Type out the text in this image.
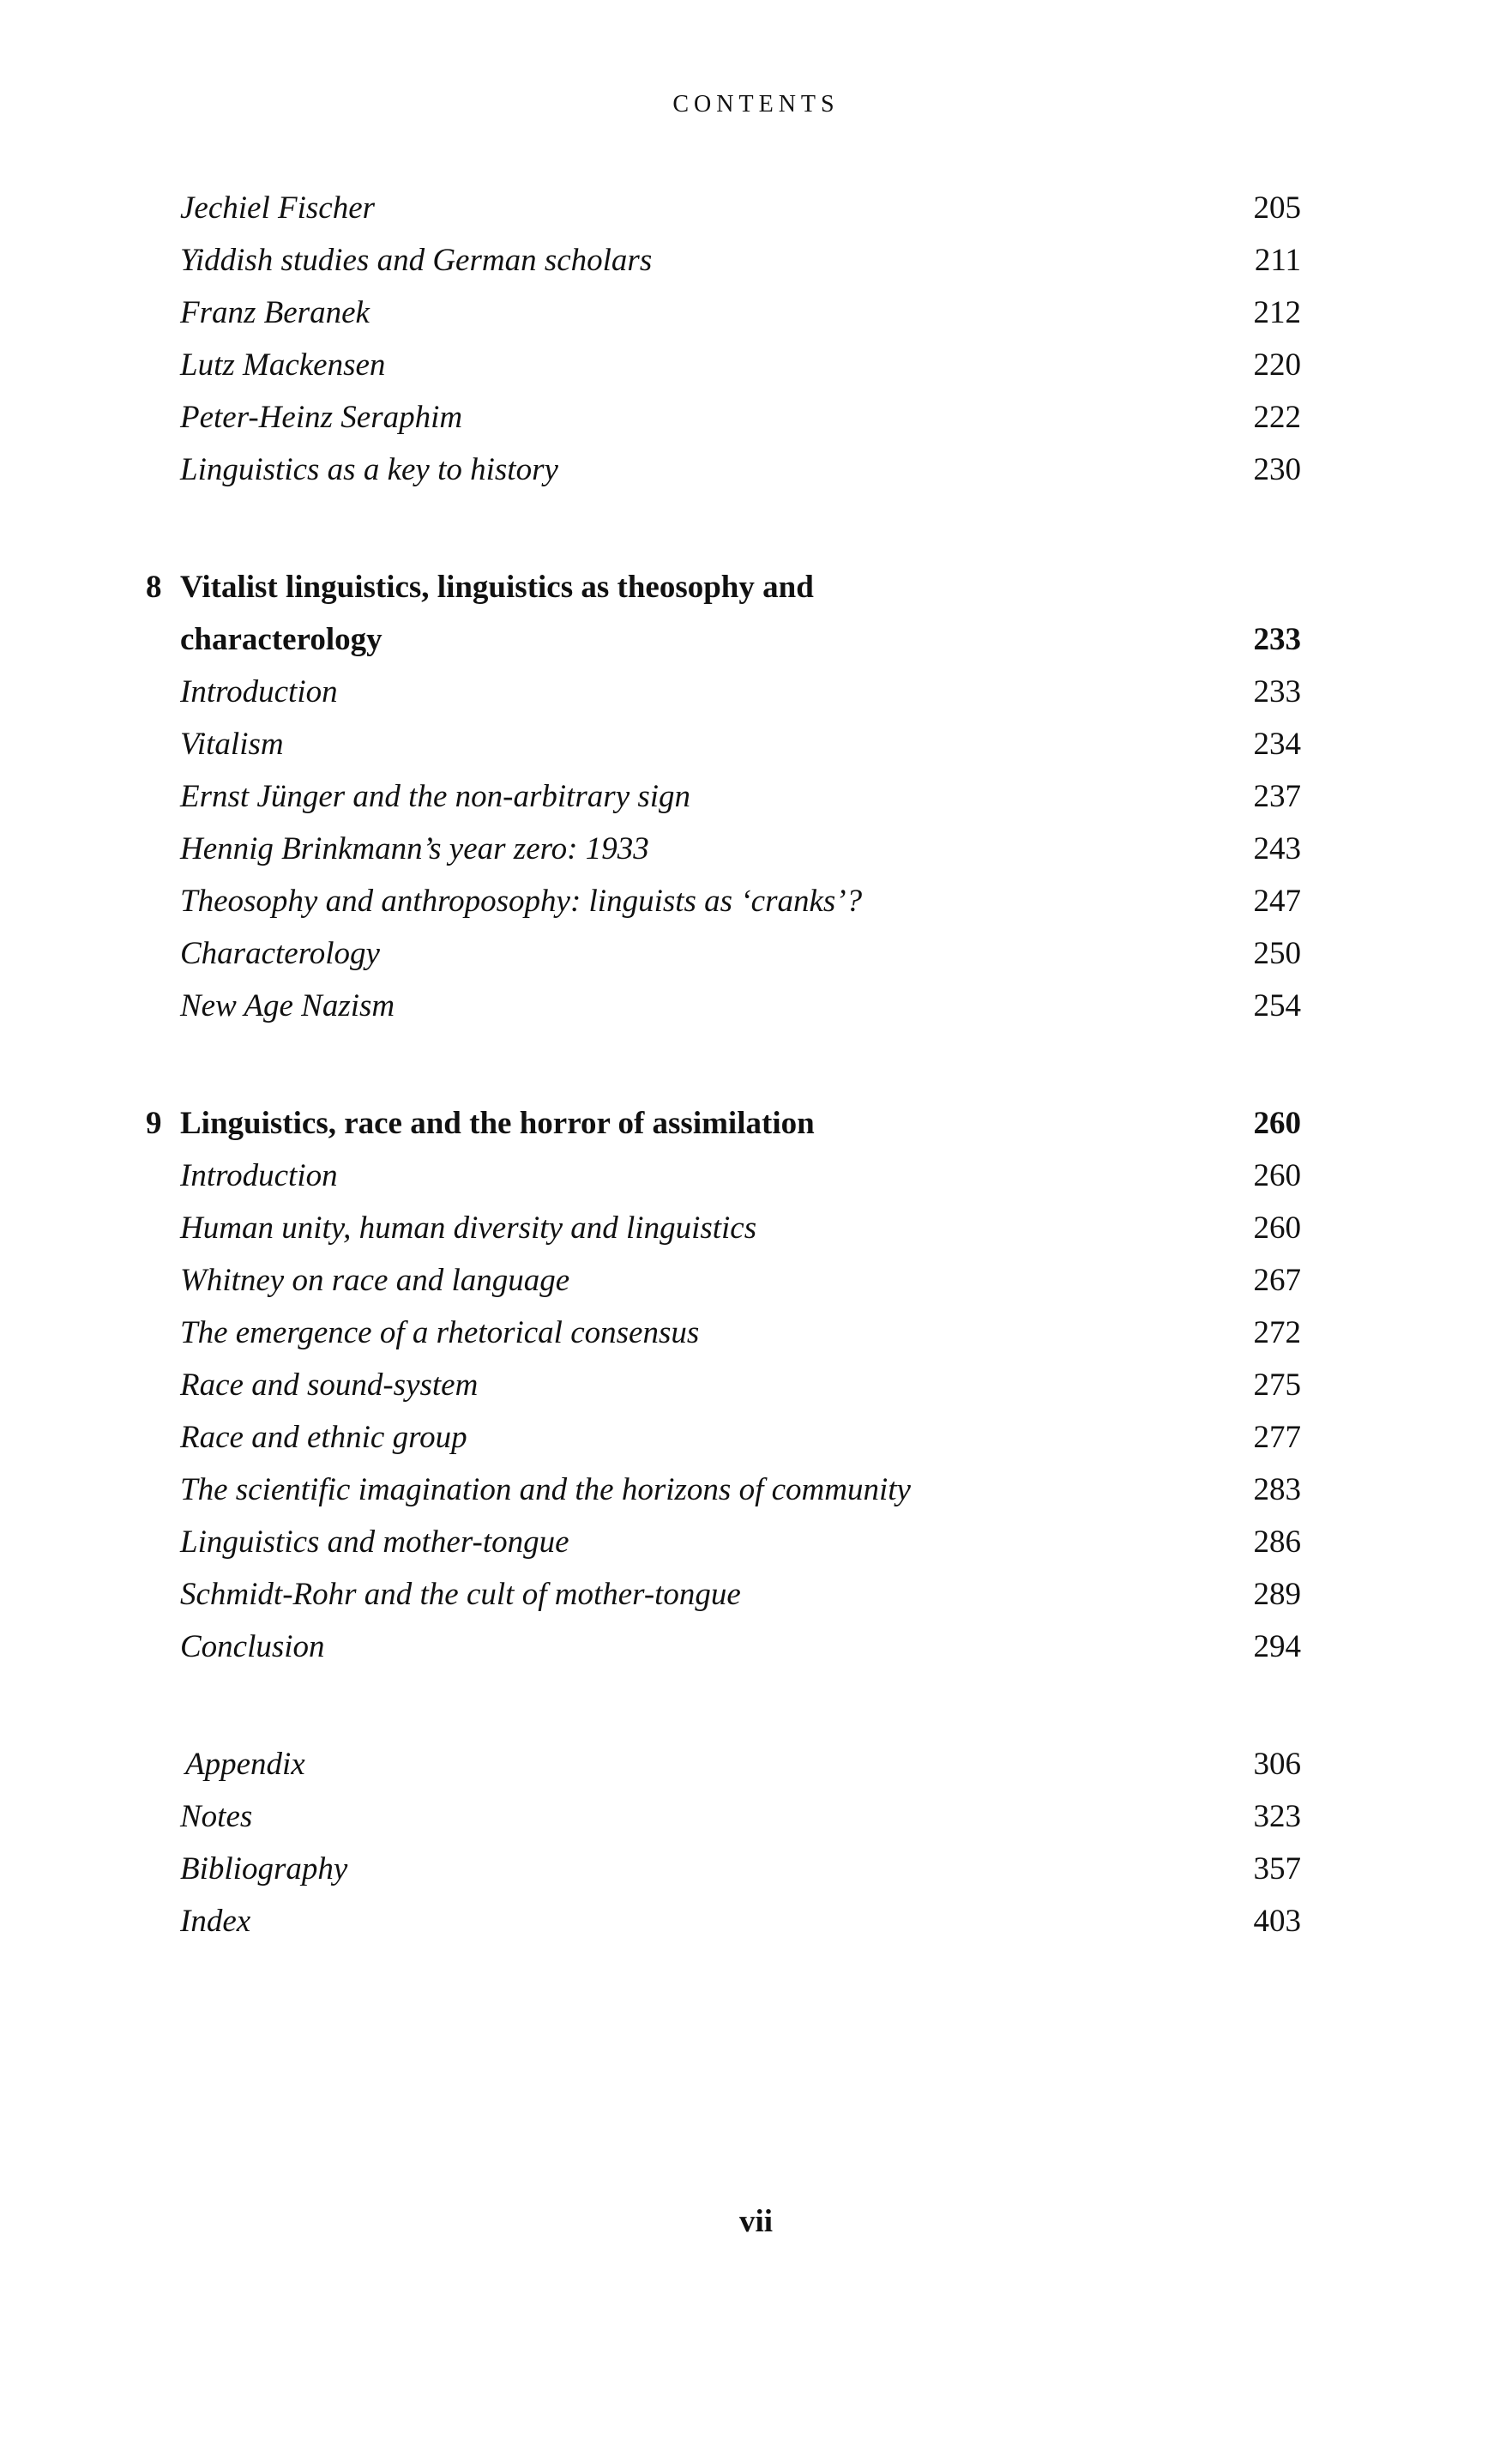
CONTENTS
Jechiel Fischer	205
Yiddish studies and German scholars	211
Franz Beranek	212
Lutz Mackensen	220
Peter-Heinz Seraphim	222
Linguistics as a key to history	230
8 Vitalist linguistics, linguistics as theosophy and
characterology	233
Introduction	233
Vitalism	234
Ernst Jünger and the non-arbitrary sign	237
Hennig Brinkmann’s year zero: 1933	243
Theosophy and anthroposophy: linguists as ‘cranks’?	247
Characterology	250
New Age Nazism	254
9 Linguistics, race and the horror of assimilation	260
Introduction	260
Human unity, human diversity and linguistics	260
Whitney on race and language	267
The emergence of a rhetorical consensus	272
Race and sound-system	275
Race and ethnic group	277
The scientific imagination and the horizons of community	283
Linguistics and mother-tongue	286
Schmidt-Rohr and the cult of mother-tongue	289
Conclusion	294
Appendix	306
Notes	323
Bibliography	357
Index	403
vii
